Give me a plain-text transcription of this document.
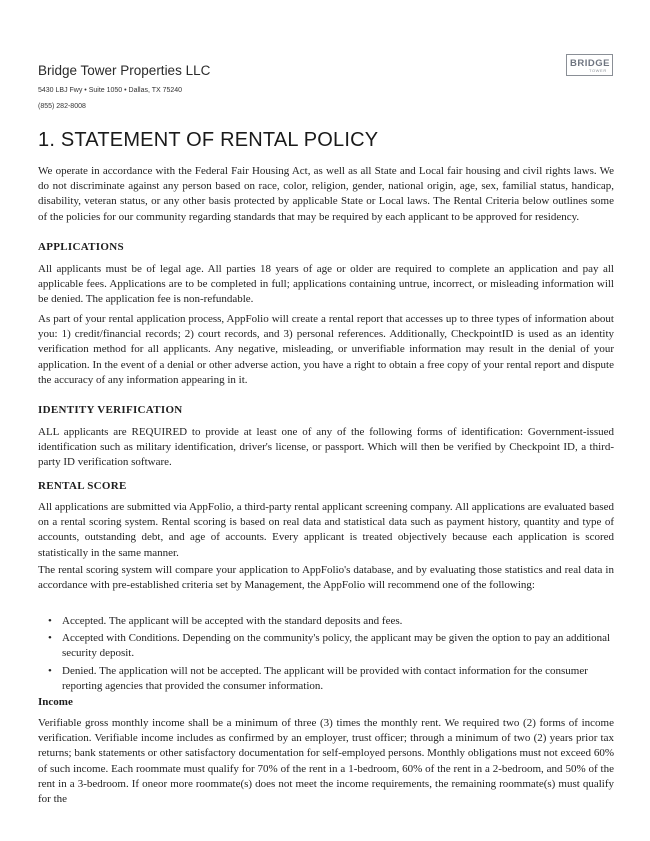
Bridge Tower Properties LLC
5430 LBJ Fwy • Suite 1050 • Dallas, TX 75240
(855) 282-8008
BRIDGE
TOWER
1. STATEMENT OF RENTAL POLICY
We operate in accordance with the Federal Fair Housing Act, as well as all State and Local fair housing and civil rights laws. We do not discriminate against any person based on race, color, religion, gender, national origin, age, sex, familial status, handicap, disability, veteran status, or any other basis protected by applicable State or Local laws. The Rental Criteria below outlines some of the policies for our community regarding standards that may be required by each applicant to be approved for residency.
APPLICATIONS
All applicants must be of legal age. All parties 18 years of age or older are required to complete an application and pay all applicable fees. Applications are to be completed in full; applications containing untrue, incorrect, or misleading information will be denied. The application fee is non-refundable.
As part of your rental application process, AppFolio will create a rental report that accesses up to three types of information about you: 1) credit/financial records; 2) court records, and 3) personal references. Additionally, CheckpointID is used as an identity verification method for all applicants. Any negative, misleading, or unverifiable information may result in the denial of your application. In the event of a denial or other adverse action, you have a right to obtain a free copy of your rental report and dispute the accuracy of any information appearing in it.
IDENTITY VERIFICATION
ALL applicants are REQUIRED to provide at least one of any of the following forms of identification: Government-issued identification such as military identification, driver's license, or passport. Which will then be verified by Checkpoint ID, a third-party ID verification software.
RENTAL SCORE
All applications are submitted via AppFolio, a third-party rental applicant screening company. All applications are evaluated based on a rental scoring system. Rental scoring is based on real data and statistical data such as payment history, quantity and type of accounts, outstanding debt, and age of accounts. Every applicant is treated objectively because each application is scored statistically in the same manner.
The rental scoring system will compare your application to AppFolio's database, and by evaluating those statistics and real data in accordance with pre-established criteria set by Management, the AppFolio will recommend one of the following:
• Accepted. The applicant will be accepted with the standard deposits and fees.
• Accepted with Conditions. Depending on the community's policy, the applicant may be given the option to pay an additional security deposit.
• Denied. The application will not be accepted. The applicant will be provided with contact information for the consumer reporting agencies that provided the consumer information.
Income
Verifiable gross monthly income shall be a minimum of three (3) times the monthly rent. We required two (2) forms of income verification. Verifiable income includes as confirmed by an employer, trust officer; through a minimum of two (2) years prior tax returns; bank statements or other satisfactory documentation for self-employed persons. Monthly obligations must not exceed 60% of such income. Each roommate must qualify for 70% of the rent in a 1-bedroom, 60% of the rent in a 2-bedroom, and 50% of the rent in a 3-bedroom. If oneor more roommate(s) does not meet the income requirements, the remaining roommate(s) must qualify for the
